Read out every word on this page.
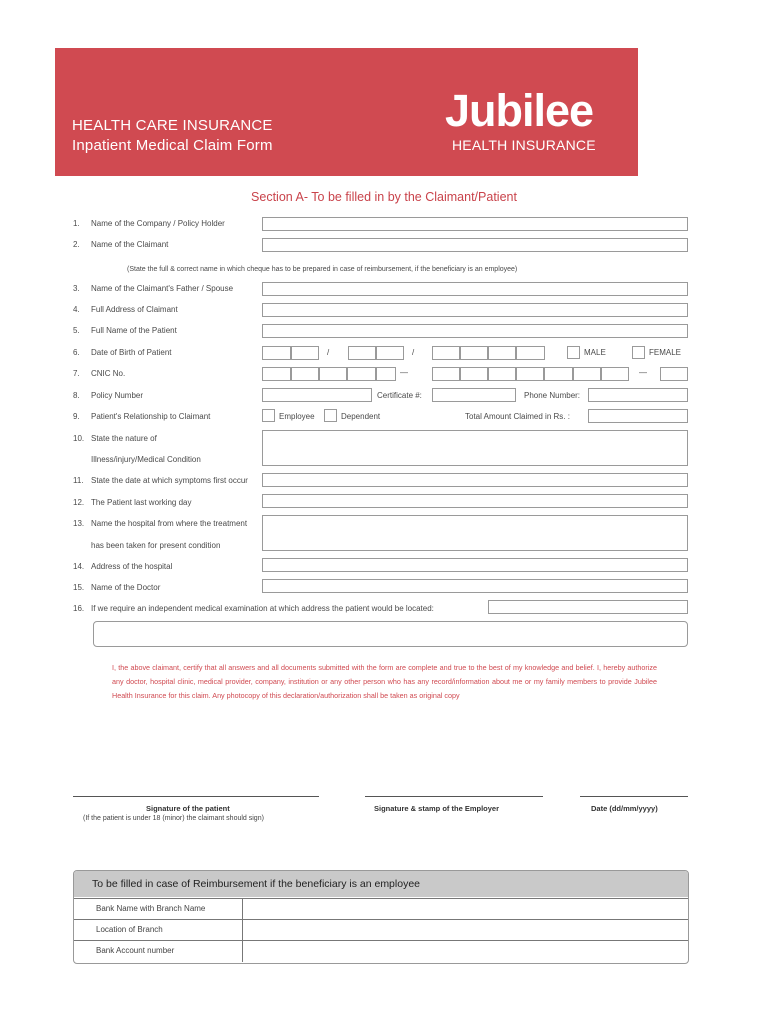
HEALTH CARE INSURANCE
Inpatient Medical Claim Form
Jubilee
HEALTH INSURANCE
Section A- To be filled in by the Claimant/Patient
1. Name of the Company / Policy Holder
2. Name of the Claimant
(State the full & correct name in which cheque has to be prepared in case of reimbursement, if the beneficiary is an employee)
3. Name of the Claimant's Father / Spouse
4. Full Address of Claimant
5. Full Name of the Patient
6. Date of Birth of Patient	/	/	MALE	FEMALE
7. CNIC No.	—	—
8. Policy Number	Certificate #:	Phone Number:
9. Patient's Relationship to Claimant	Employee	Dependent	Total Amount Claimed in Rs. :
10. State the nature of
Illness/injury/Medical Condition
11. State the date at which symptoms first occur
12. The Patient last working day
13. Name the hospital from where the treatment
has been taken for present condition
14. Address of the hospital
15. Name of the Doctor
16. If we require an independent medical examination at which address the patient would be located:
I, the above claimant, certify that all answers and all documents submitted with the form are complete and true to the best of my knowledge and belief. I, hereby authorize any doctor, hospital clinic, medical provider, company, institution or any other person who has any record/information about me or my family members to provide Jubilee Health Insurance for this claim. Any photocopy of this declaration/authorization shall be taken as original copy
Signature of the patient
(If the patient is under 18 (minor) the claimant should sign)
Signature & stamp of the Employer	Date (dd/mm/yyyy)
To be filled in case of Reimbursement if the beneficiary is an employee
Bank Name with Branch Name
Location of Branch
Bank Account number
